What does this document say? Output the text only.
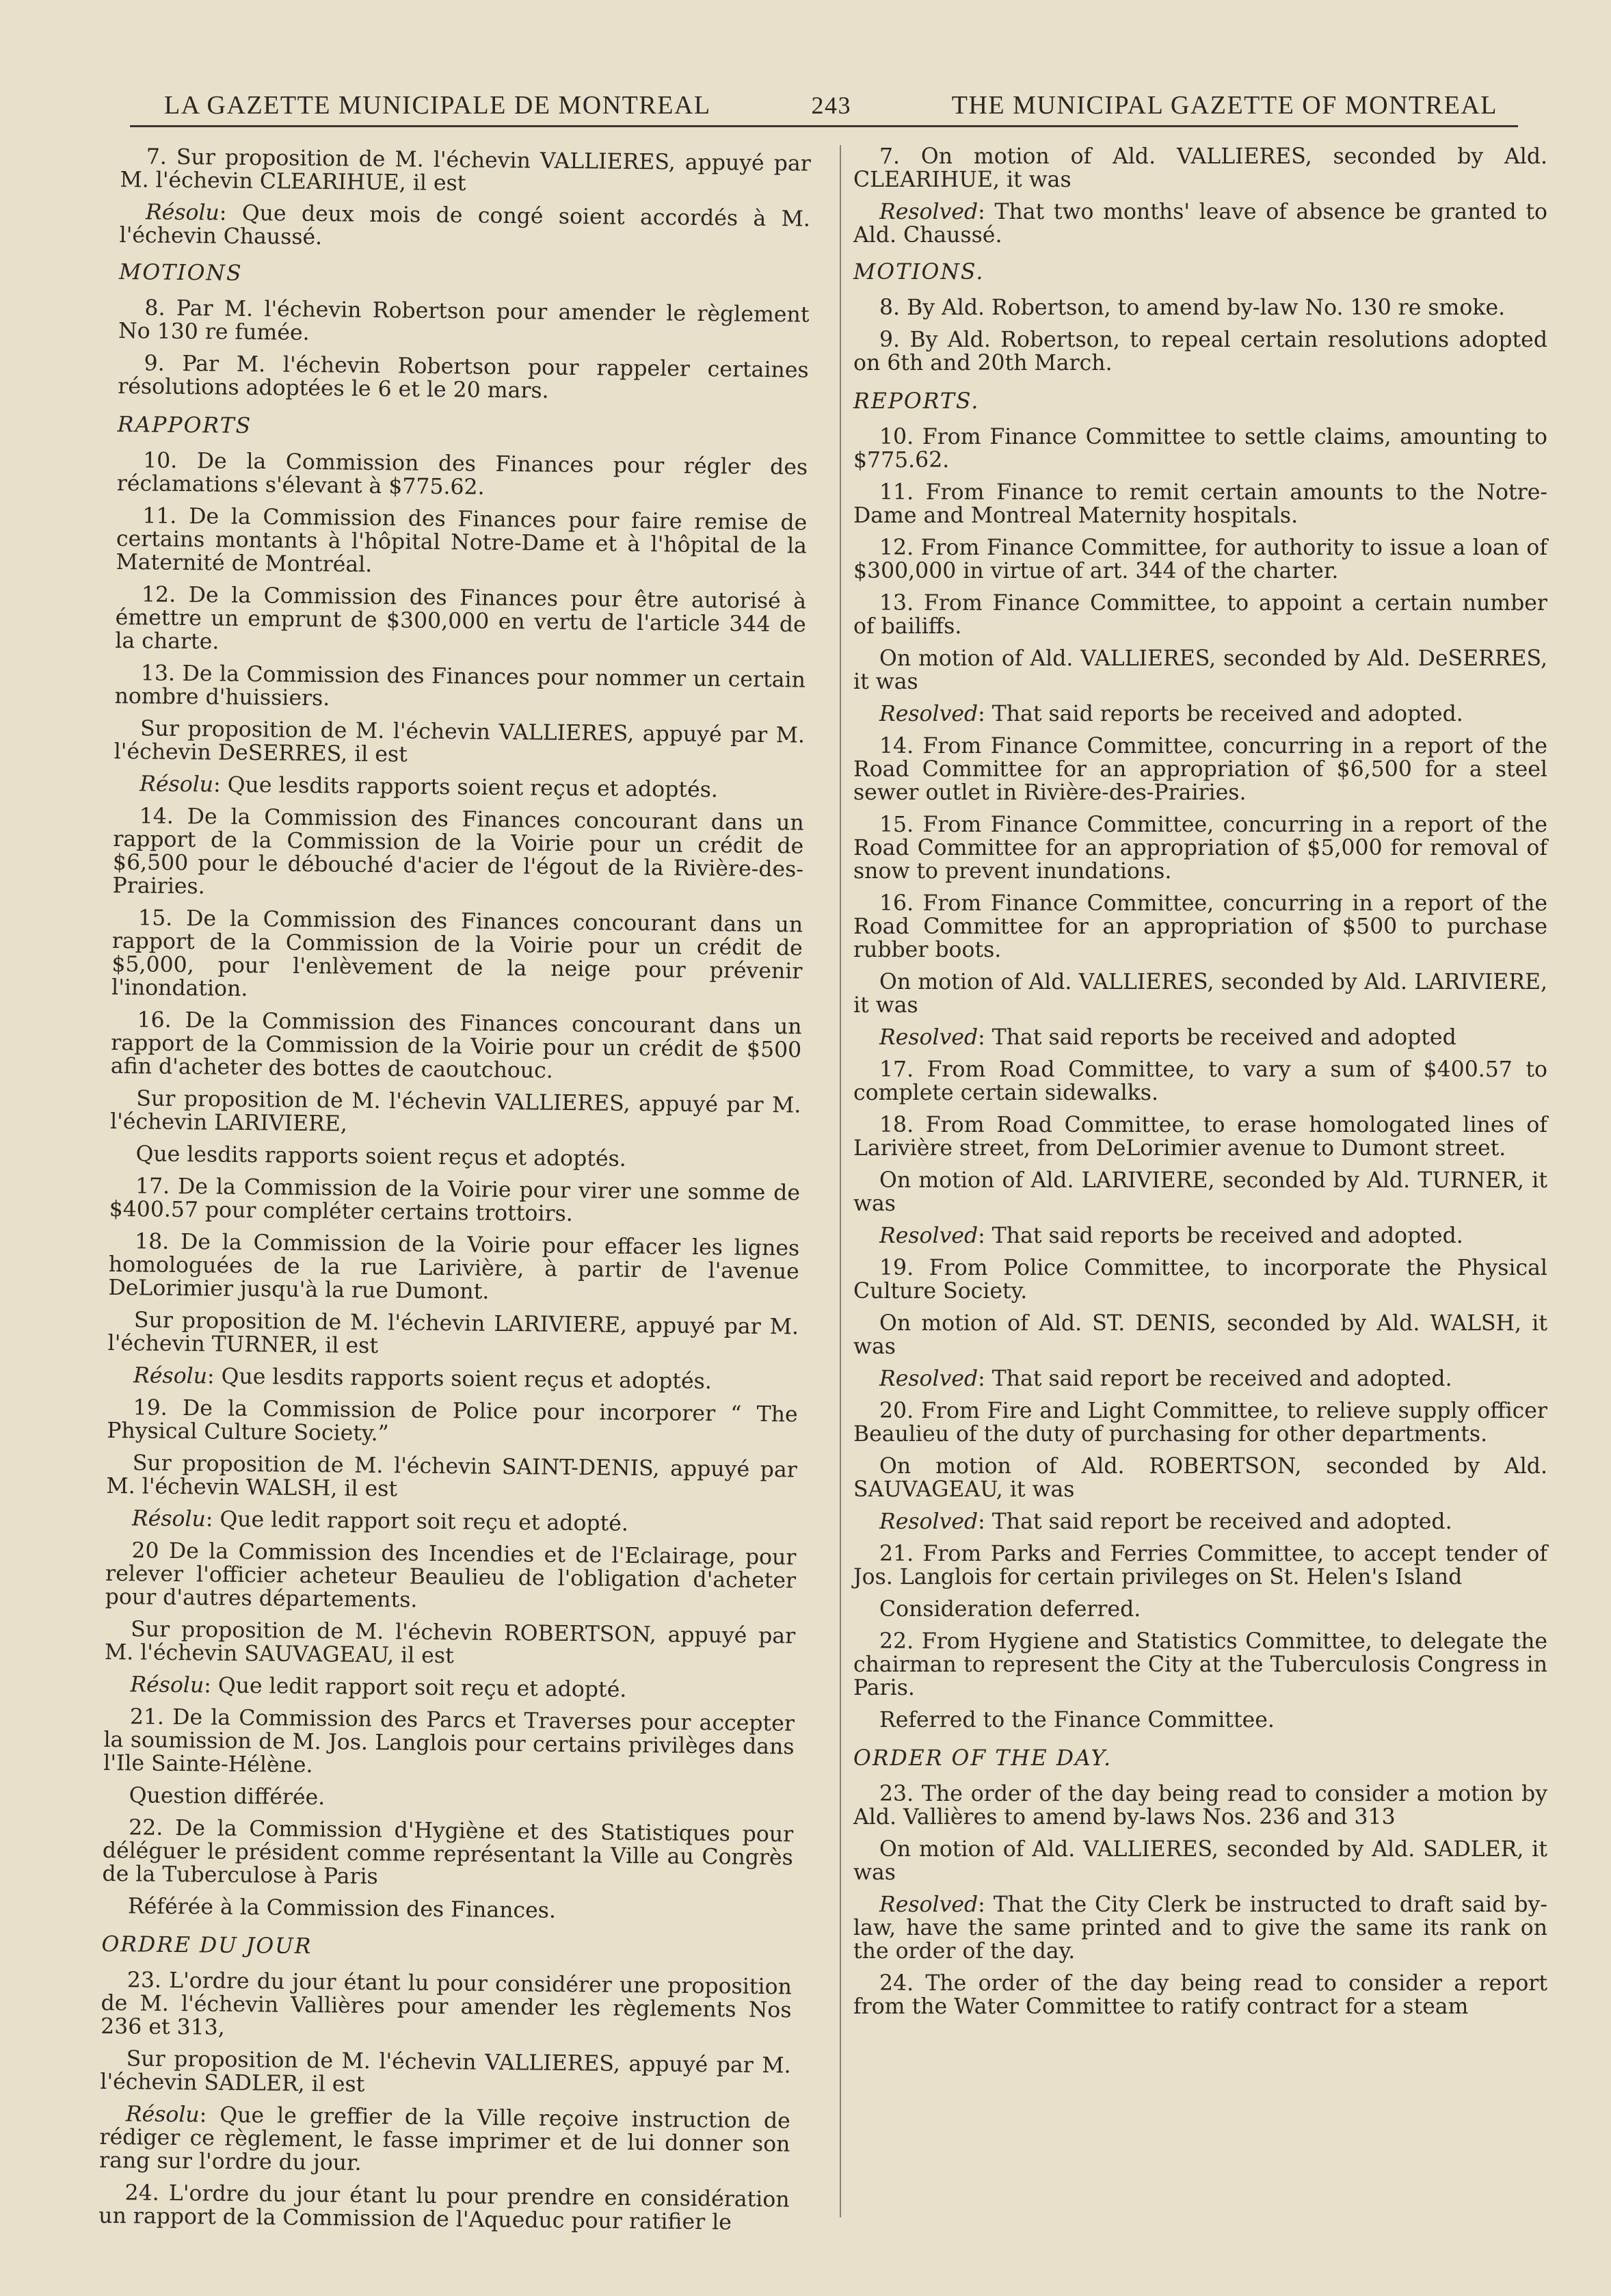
LA GAZETTE MUNICIPALE DE MONTREAL	243	THE MUNICIPAL GAZETTE OF MONTREAL

7. Sur proposition de M. l'échevin VALLIERES, appuyé par M. l'échevin CLEARIHUE, il est

Résolu: Que deux mois de congé soient accordés à M. l'échevin Chaussé.

MOTIONS

8. Par M. l'échevin Robertson pour amender le règlement No 130 re fumée.

9. Par M. l'échevin Robertson pour rappeler certaines résolutions adoptées le 6 et le 20 mars.

RAPPORTS

10. De la Commission des Finances pour régler des réclamations s'élevant à $775.62.

11. De la Commission des Finances pour faire remise de certains montants à l'hôpital Notre-Dame et à l'hôpital de la Maternité de Montréal.

12. De la Commission des Finances pour être autorisé à émettre un emprunt de $300,000 en vertu de l'article 344 de la charte.

13. De la Commission des Finances pour nommer un certain nombre d'huissiers.

Sur proposition de M. l'échevin VALLIERES, appuyé par M. l'échevin DeSERRES, il est

Résolu: Que lesdits rapports soient reçus et adoptés.

14. De la Commission des Finances concourant dans un rapport de la Commission de la Voirie pour un crédit de $6,500 pour le débouché d'acier de l'égout de la Rivière-des-Prairies.

15. De la Commission des Finances concourant dans un rapport de la Commission de la Voirie pour un crédit de $5,000, pour l'enlèvement de la neige pour prévenir l'inondation.

16. De la Commission des Finances concourant dans un rapport de la Commission de la Voirie pour un crédit de $500 afin d'acheter des bottes de caoutchouc.

Sur proposition de M. l'échevin VALLIERES, appuyé par M. l'échevin LARIVIERE,

Que lesdits rapports soient reçus et adoptés.

17. De la Commission de la Voirie pour virer une somme de $400.57 pour compléter certains trottoirs.

18. De la Commission de la Voirie pour effacer les lignes homologuées de la rue Larivière, à partir de l'avenue DeLorimier jusqu'à la rue Dumont.

Sur proposition de M. l'échevin LARIVIERE, appuyé par M. l'échevin TURNER, il est

Résolu: Que lesdits rapports soient reçus et adoptés.

19. De la Commission de Police pour incorporer “ The Physical Culture Society.”

Sur proposition de M. l'échevin SAINT-DENIS, appuyé par M. l'échevin WALSH, il est

Résolu: Que ledit rapport soit reçu et adopté.

20 De la Commission des Incendies et de l'Eclairage, pour relever l'officier acheteur Beaulieu de l'obligation d'acheter pour d'autres départements.

Sur proposition de M. l'échevin ROBERTSON, appuyé par M. l'échevin SAUVAGEAU, il est

Résolu: Que ledit rapport soit reçu et adopté.

21. De la Commission des Parcs et Traverses pour accepter la soumission de M. Jos. Langlois pour certains privilèges dans l'Ile Sainte-Hélène.

Question différée.

22. De la Commission d'Hygiène et des Statistiques pour déléguer le président comme représentant la Ville au Congrès de la Tuberculose à Paris

Référée à la Commission des Finances.

ORDRE DU JOUR

23. L'ordre du jour étant lu pour considérer une proposition de M. l'échevin Vallières pour amender les règlements Nos 236 et 313,

Sur proposition de M. l'échevin VALLIERES, appuyé par M. l'échevin SADLER, il est

Résolu: Que le greffier de la Ville reçoive instruction de rédiger ce règlement, le fasse imprimer et de lui donner son rang sur l'ordre du jour.

24. L'ordre du jour étant lu pour prendre en considération un rapport de la Commission de l'Aqueduc pour ratifier le

7. On motion of Ald. VALLIERES, seconded by Ald. CLEARIHUE, it was

Resolved: That two months' leave of absence be granted to Ald. Chaussé.

MOTIONS.

8. By Ald. Robertson, to amend by-law No. 130 re smoke.

9. By Ald. Robertson, to repeal certain resolutions adopted on 6th and 20th March.

REPORTS.

10. From Finance Committee to settle claims, amounting to $775.62.

11. From Finance to remit certain amounts to the Notre-Dame and Montreal Maternity hospitals.

12. From Finance Committee, for authority to issue a loan of $300,000 in virtue of art. 344 of the charter.

13. From Finance Committee, to appoint a certain number of bailiffs.

On motion of Ald. VALLIERES, seconded by Ald. DeSERRES, it was

Resolved: That said reports be received and adopted.

14. From Finance Committee, concurring in a report of the Road Committee for an appropriation of $6,500 for a steel sewer outlet in Rivière-des-Prairies.

15. From Finance Committee, concurring in a report of the Road Committee for an appropriation of $5,000 for removal of snow to prevent inundations.

16. From Finance Committee, concurring in a report of the Road Committee for an appropriation of $500 to purchase rubber boots.

On motion of Ald. VALLIERES, seconded by Ald. LARIVIERE, it was

Resolved: That said reports be received and adopted

17. From Road Committee, to vary a sum of $400.57 to complete certain sidewalks.

18. From Road Committee, to erase homologated lines of Larivière street, from DeLorimier avenue to Dumont street.

On motion of Ald. LARIVIERE, seconded by Ald. TURNER, it was

Resolved: That said reports be received and adopted.

19. From Police Committee, to incorporate the Physical Culture Society.

On motion of Ald. ST. DENIS, seconded by Ald. WALSH, it was

Resolved: That said report be received and adopted.

20. From Fire and Light Committee, to relieve supply officer Beaulieu of the duty of purchasing for other departments.

On motion of Ald. ROBERTSON, seconded by Ald. SAUVAGEAU, it was

Resolved: That said report be received and adopted.

21. From Parks and Ferries Committee, to accept tender of Jos. Langlois for certain privileges on St. Helen's Island

Consideration deferred.

22. From Hygiene and Statistics Committee, to delegate the chairman to represent the City at the Tuberculosis Congress in Paris.

Referred to the Finance Committee.

ORDER OF THE DAY.

23. The order of the day being read to consider a motion by Ald. Vallières to amend by-laws Nos. 236 and 313

On motion of Ald. VALLIERES, seconded by Ald. SADLER, it was

Resolved: That the City Clerk be instructed to draft said by-law, have the same printed and to give the same its rank on the order of the day.

24. The order of the day being read to consider a report from the Water Committee to ratify contract for a steam
